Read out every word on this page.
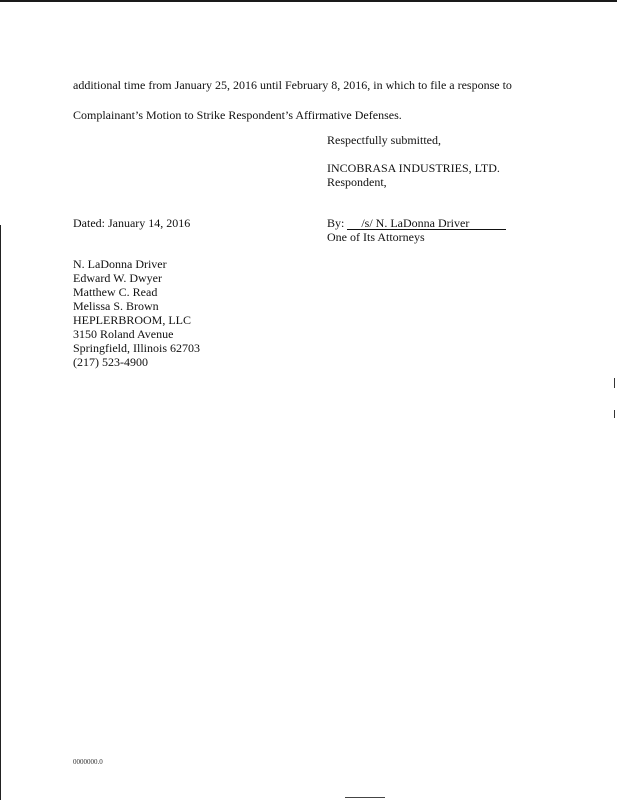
additional time from January 25, 2016 until February 8, 2016, in which to file a response to
Complainant’s Motion to Strike Respondent’s Affirmative Defenses.
Respectfully submitted,
INCOBRASA INDUSTRIES, LTD.
Respondent,
Dated: January 14, 2016	By: /s/ N. LaDonna Driver
One of Its Attorneys
N. LaDonna Driver
Edward W. Dwyer
Matthew C. Read
Melissa S. Brown
HEPLERBROOM, LLC
3150 Roland Avenue
Springfield, Illinois 62703
(217) 523-4900
0000000.0
